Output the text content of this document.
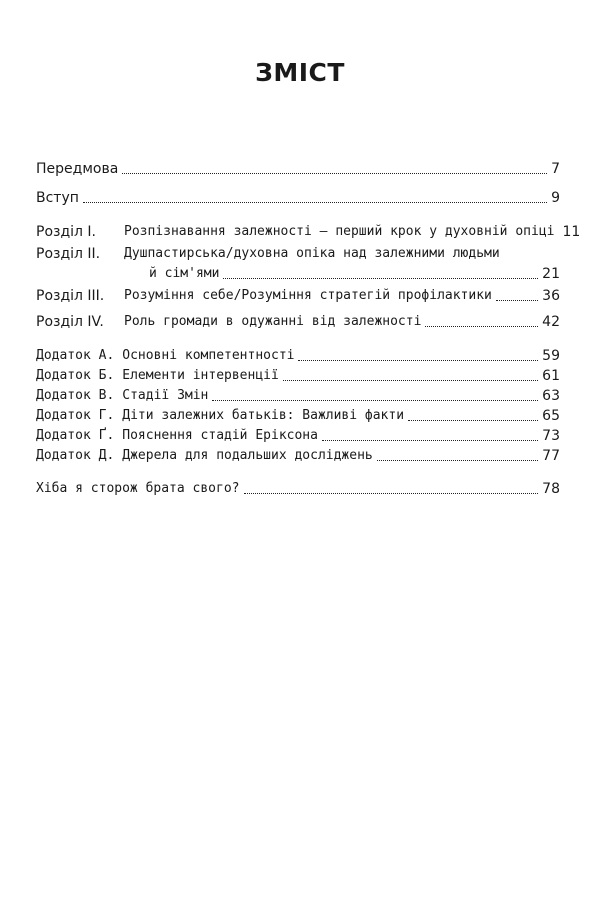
ЗМІСТ
Передмова	7
Вступ	9
Розділ І.	Розпізнавання залежності – перший крок у духовній опіці 11
Розділ ІІ.	Душпастирська/духовна опіка над залежними людьми
й сім'ями	21
Розділ ІІІ.	Розуміння себе/Розуміння стратегій профілактики	36
Розділ IV.	Роль громади в одужанні від залежності	42
Додаток А. Основні компетентності	59
Додаток Б. Елементи інтервенції	61
Додаток В. Стадії Змін	63
Додаток Г. Діти залежних батьків: Важливі факти	65
Додаток Ґ. Пояснення стадій Еріксона	73
Додаток Д. Джерела для подальших досліджень	77
Хіба я сторож брата свого?	78
